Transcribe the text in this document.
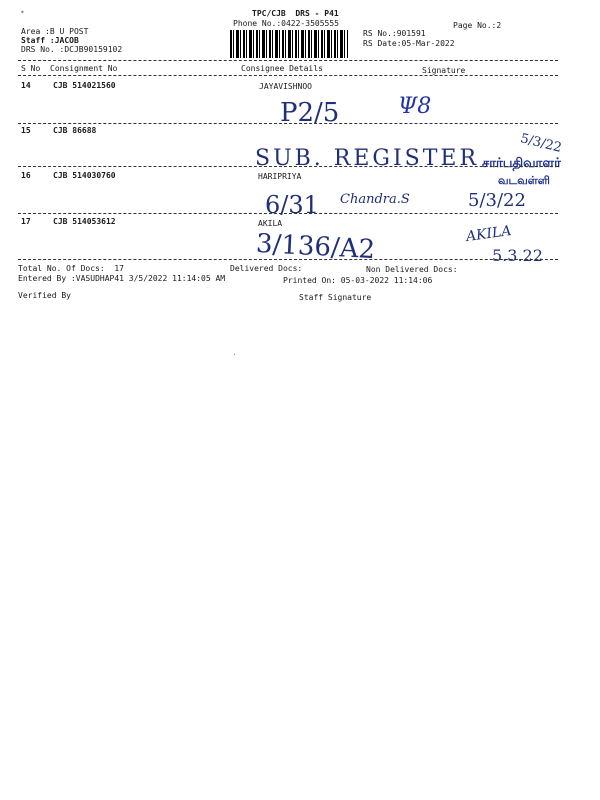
•
·
TPC/CJB  DRS - P41
Phone No.:0422-3505555	Page No.:2
Area :B U POST
Staff :JACOB
DRS No. :DCJB90159102
RS No.:901591
RS Date:05-Mar-2022
S No Consignment No	Consignee Details	Signature
14	CJB 514021560	JAYAVISHNOO
P2/5	Ψ8
15	CJB 86688
SUB. REGISTER
5/3/22
சார்பதிவாளர்
16	CJB 514030760	HARIPRIYA	வடவள்ளி
6/31 Chandra.S	5/3/22
17	CJB 514053612	AKILA
3/136/A2	AKILA
5.3.22
Total No. Of Docs:  17	Delivered Docs:	Non Delivered Docs:
Entered By :VASUDHAP41 3/5/2022 11:14:05 AM	Printed On: 05-03-2022 11:14:06
Verified By	Staff Signature
